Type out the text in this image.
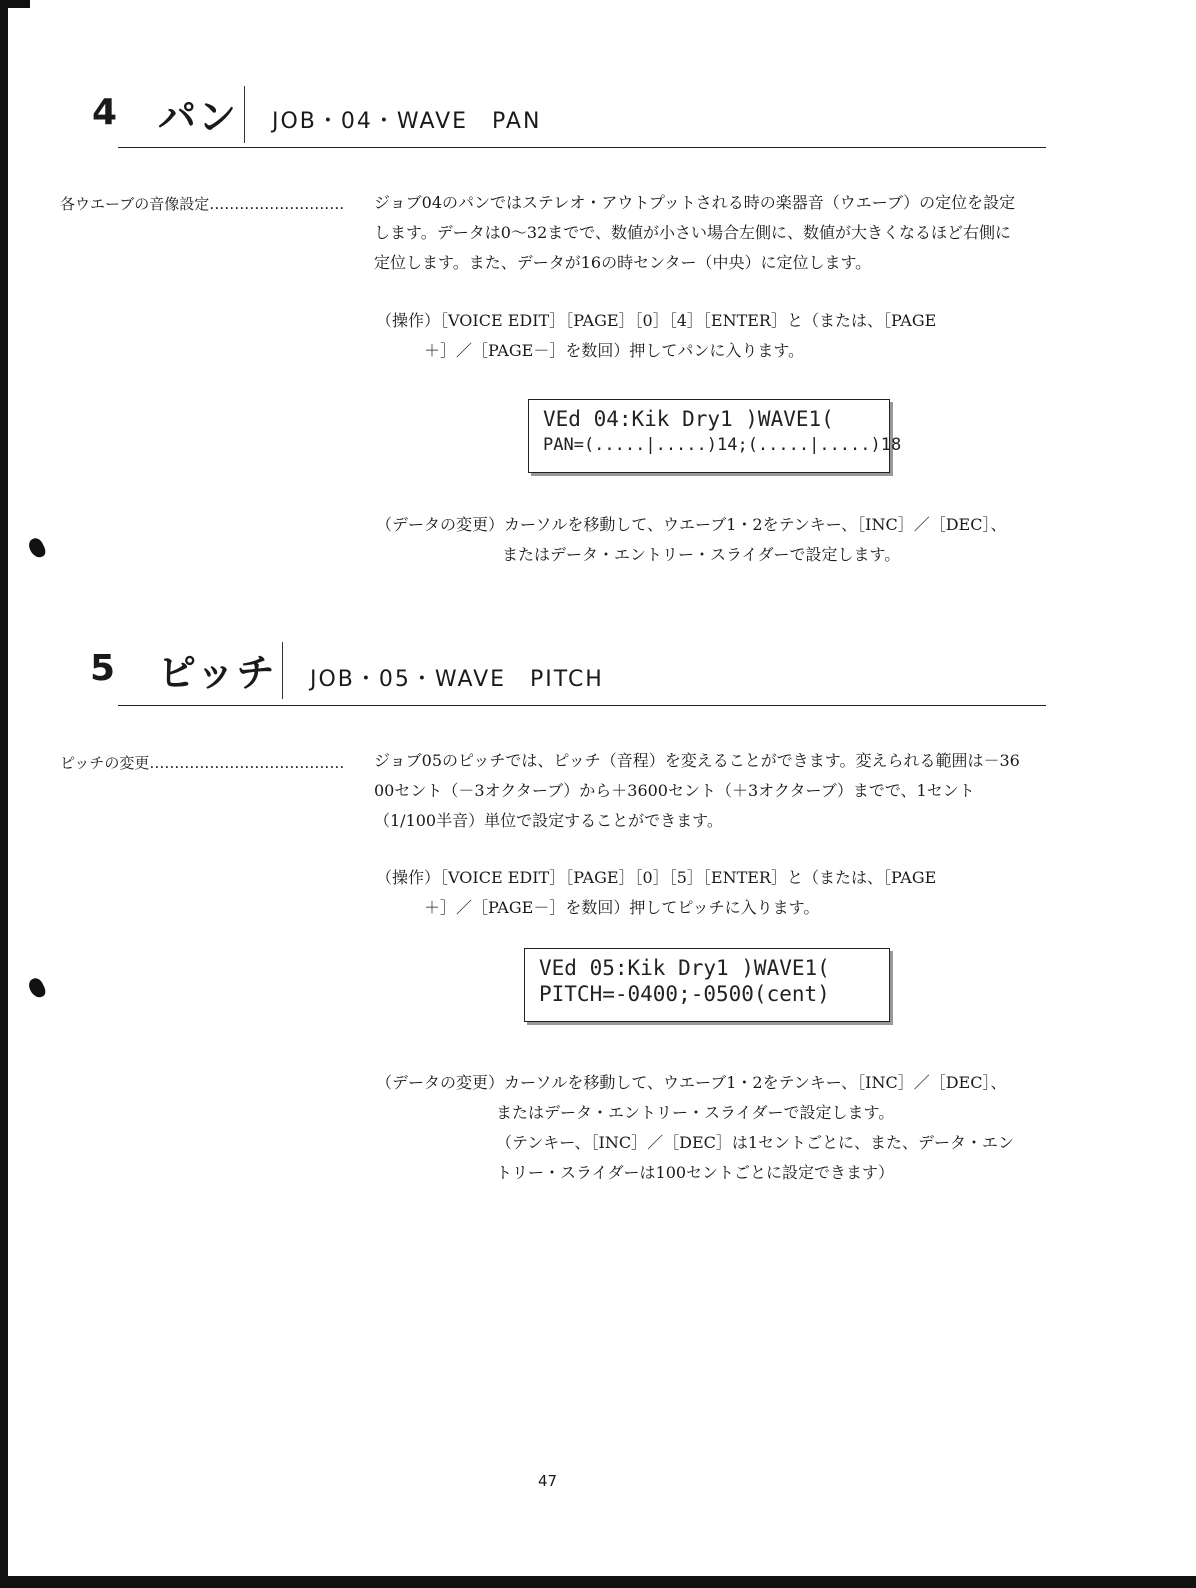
4 パン	JOB・04・WAVE　PAN
各ウエーブの音像設定……………………… ジョブ04のパンではステレオ・アウトプットされる時の楽器音（ウエーブ）の定位を設定
します。データは0～32までで、数値が小さい場合左側に、数値が大きくなるほど右側に
定位します。また、データが16の時センター（中央）に定位します。
（操作）［VOICE EDIT］［PAGE］［0］［4］［ENTER］と（または、［PAGE
＋］／［PAGE－］を数回）押してパンに入ります。
VEd 04:Kik Dry1 )WAVE1(
PAN=(.....|.....)14;(.....|.....)18
（データの変更）カーソルを移動して、ウエーブ1・2をテンキー、［INC］／［DEC］、
またはデータ・エントリー・スライダーで設定します。
5 ピッチ	JOB・05・WAVE　PITCH
ピッチの変更………………………………… ジョブ05のピッチでは、ピッチ（音程）を変えることができます。変えられる範囲は－36
00セント（－3オクターブ）から＋3600セント（＋3オクターブ）までで、1セント
（1/100半音）単位で設定することができます。
（操作）［VOICE EDIT］［PAGE］［0］［5］［ENTER］と（または、［PAGE
＋］／［PAGE－］を数回）押してピッチに入ります。
VEd 05:Kik Dry1 )WAVE1(
PITCH=-0400;-0500(cent)
（データの変更）カーソルを移動して、ウエーブ1・2をテンキー、［INC］／［DEC］、
またはデータ・エントリー・スライダーで設定します。
（テンキー、［INC］／［DEC］は1セントごとに、また、データ・エン
トリー・スライダーは100セントごとに設定できます）
47
